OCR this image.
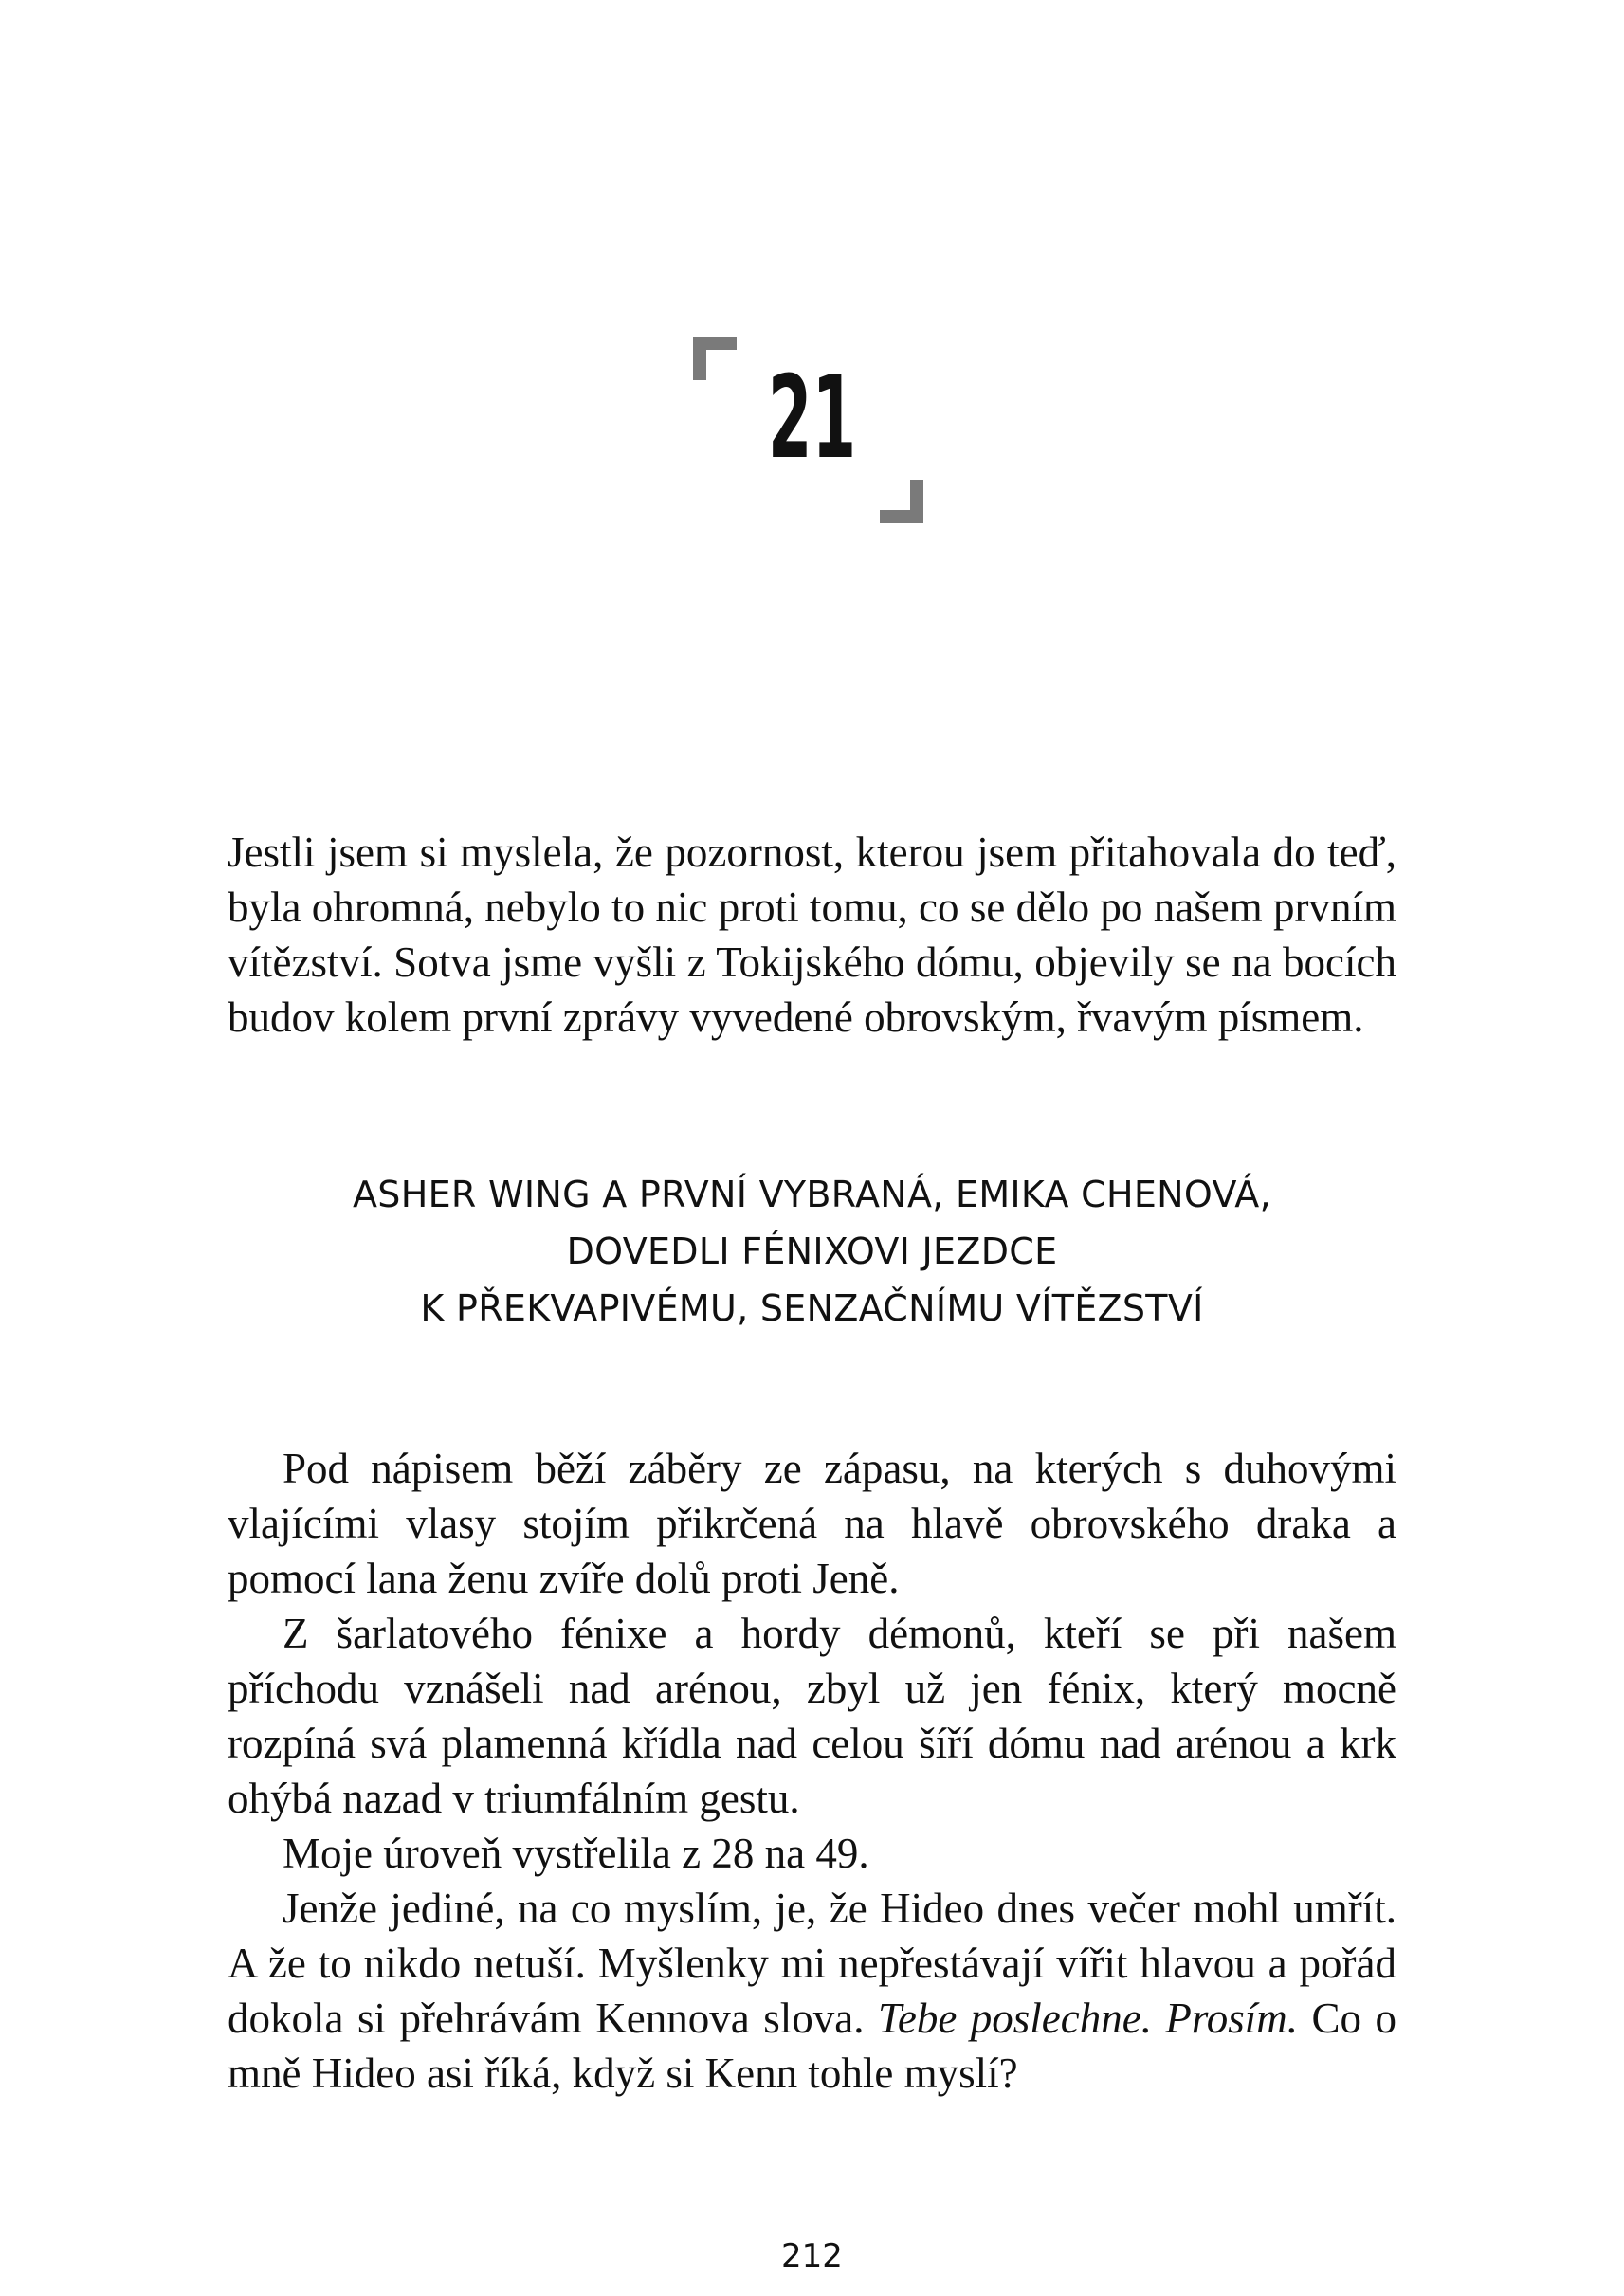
21

Jestli jsem si myslela, že pozornost, kterou jsem přitahovala do teď, byla ohromná, nebylo to nic proti tomu, co se dělo po našem prvním vítězství. Sotva jsme vyšli z Tokijského dómu, objevily se na bocích budov kolem první zprávy vyvedené obrovským, řvavým písmem.

ASHER WING A PRVNÍ VYBRANÁ, EMIKA CHENOVÁ,
DOVEDLI FÉNIXOVI JEZDCE
K PŘEKVAPIVÉMU, SENZAČNÍMU VÍTĚZSTVÍ

Pod nápisem běží záběry ze zápasu, na kterých s duhovými vlajícími vlasy stojím přikrčená na hlavě obrovského draka a pomocí lana ženu zvíře dolů proti Jeně.

Z šarlatového fénixe a hordy démonů, kteří se při našem příchodu vznášeli nad arénou, zbyl už jen fénix, který mocně rozpíná svá plamenná křídla nad celou šíří dómu nad arénou a krk ohýbá nazad v triumfálním gestu.

Moje úroveň vystřelila z 28 na 49.

Jenže jediné, na co myslím, je, že Hideo dnes večer mohl umřít. A že to nikdo netuší. Myšlenky mi nepřestávají vířit hlavou a pořád dokola si přehrávám Kennova slova. Tebe poslechne. Prosím. Co o mně Hideo asi říká, když si Kenn tohle myslí?

212
